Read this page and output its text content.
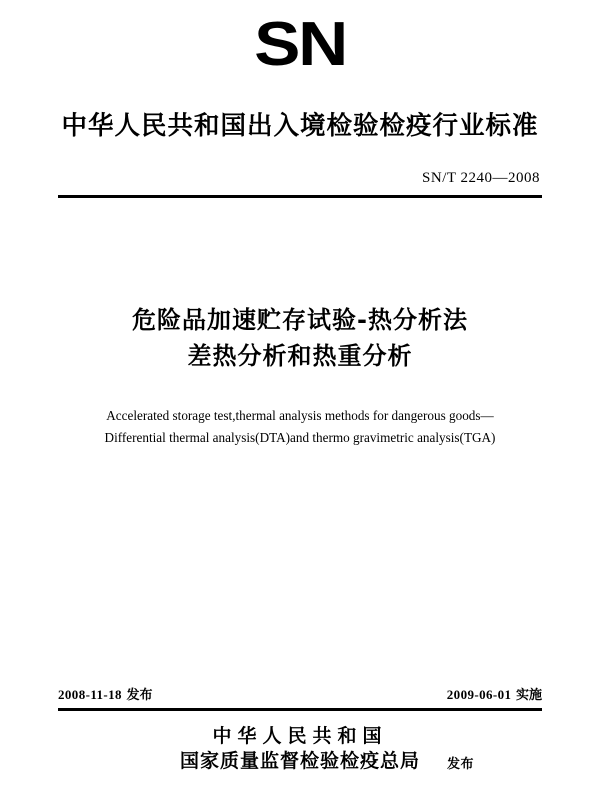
SN
中华人民共和国出入境检验检疫行业标准
SN/T 2240—2008
危险品加速贮存试验-热分析法
差热分析和热重分析
Accelerated storage test,thermal analysis methods for dangerous goods—
Differential thermal analysis(DTA)and thermo gravimetric analysis(TGA)
2008-11-18 发布	2009-06-01 实施
中华人民共和国
国家质量监督检验检疫总局 发布
